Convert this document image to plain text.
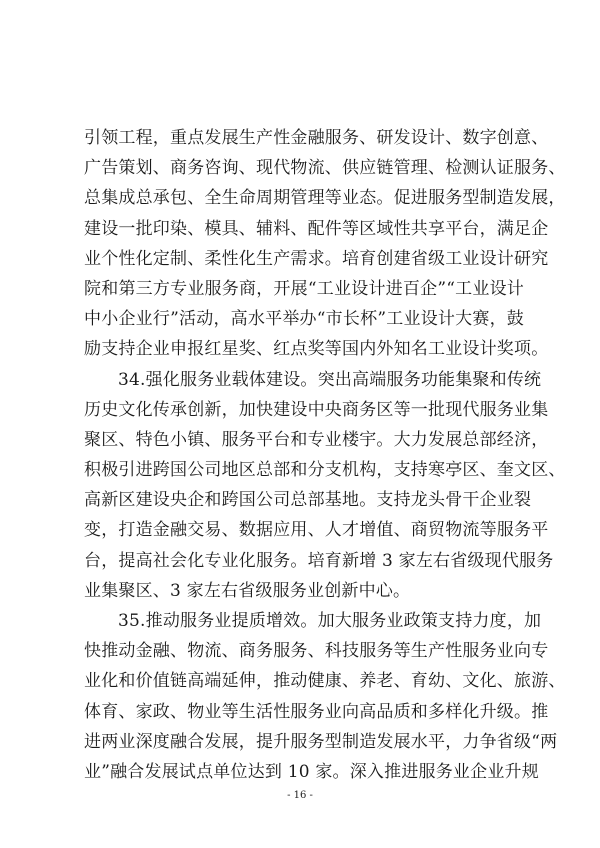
引领工程，重点发展生产性金融服务、研发设计、数字创意、
广告策划、商务咨询、现代物流、供应链管理、检测认证服务、
总集成总承包、全生命周期管理等业态。促进服务型制造发展，
建设一批印染、模具、辅料、配件等区域性共享平台，满足企
业个性化定制、柔性化生产需求。培育创建省级工业设计研究
院和第三方专业服务商，开展“工业设计进百企”“工业设计
中小企业行”活动，高水平举办“市长杯”工业设计大赛，鼓
励支持企业申报红星奖、红点奖等国内外知名工业设计奖项。
34.强化服务业载体建设。突出高端服务功能集聚和传统
历史文化传承创新，加快建设中央商务区等一批现代服务业集
聚区、特色小镇、服务平台和专业楼宇。大力发展总部经济，
积极引进跨国公司地区总部和分支机构，支持寒亭区、奎文区、
高新区建设央企和跨国公司总部基地。支持龙头骨干企业裂
变，打造金融交易、数据应用、人才增值、商贸物流等服务平
台，提高社会化专业化服务。培育新增 3 家左右省级现代服务
业集聚区、3 家左右省级服务业创新中心。
35.推动服务业提质增效。加大服务业政策支持力度，加
快推动金融、物流、商务服务、科技服务等生产性服务业向专
业化和价值链高端延伸，推动健康、养老、育幼、文化、旅游、
体育、家政、物业等生活性服务业向高品质和多样化升级。推
进两业深度融合发展，提升服务型制造发展水平，力争省级“两
业”融合发展试点单位达到 10 家。深入推进服务业企业升规
- 16 -
